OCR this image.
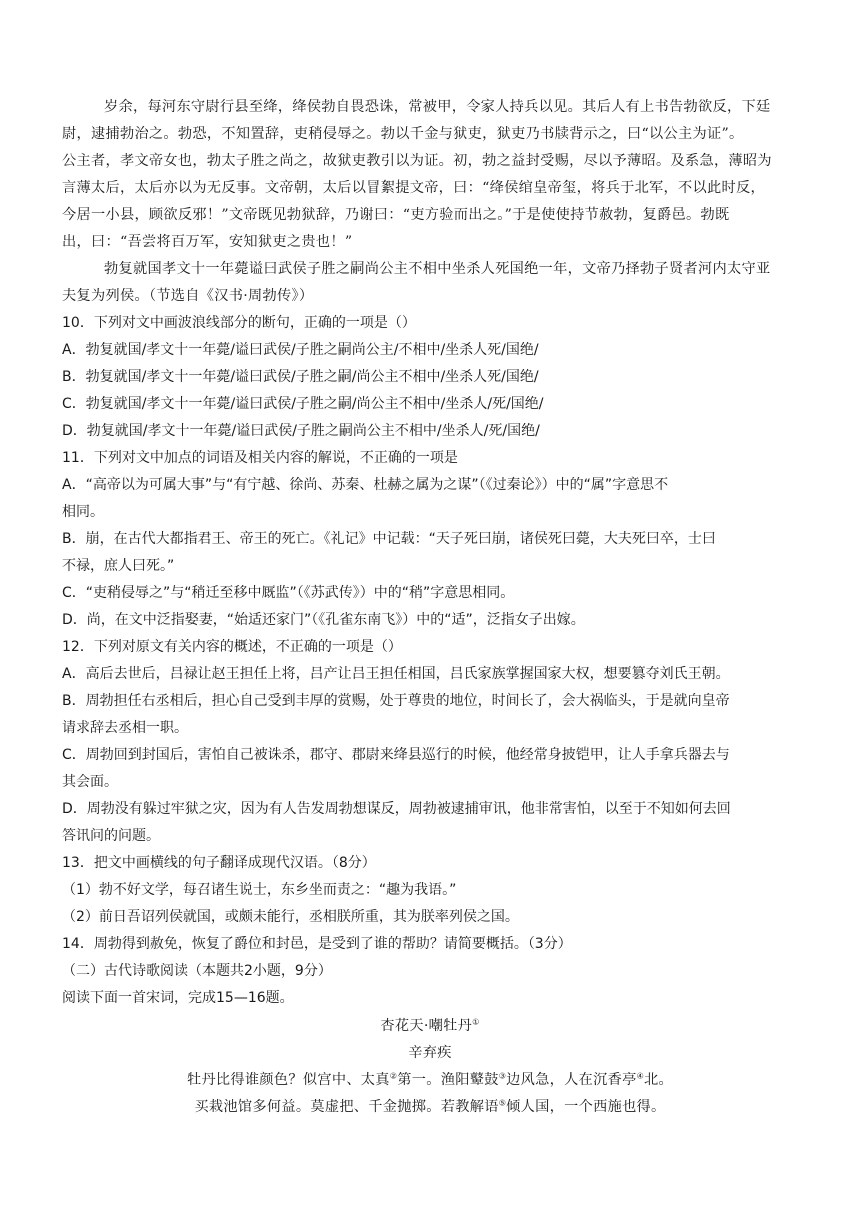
岁余，每河东守尉行县至绛，绛侯勃自畏恐诛，常被甲，令家人持兵以见。其后人有上书告勃欲反，下廷
尉，逮捕勃治之。勃恐，不知置辞，吏稍侵辱之。勃以千金与狱吏，狱吏乃书牍背示之，曰“以公主为证”。
公主者，孝文帝女也，勃太子胜之尚之，故狱吏教引以为证。初，勃之益封受赐，尽以予薄昭。及系急，薄昭为
言薄太后，太后亦以为无反事。文帝朝，太后以冒絮提文帝，曰：“绛侯绾皇帝玺，将兵于北军，不以此时反，
今居一小县，顾欲反邪！”文帝既见勃狱辞，乃谢曰：“吏方验而出之。”于是使使持节赦勃，复爵邑。勃既
出，曰：“吾尝将百万军，安知狱吏之贵也！”
勃复就国孝文十一年薨谥曰武侯子胜之嗣尚公主不相中坐杀人死国绝一年，文帝乃择勃子贤者河内太守亚
夫复为列侯。（节选自《汉书·周勃传》）
10．下列对文中画波浪线部分的断句，正确的一项是（）
A．勃复就国/孝文十一年薨/谥曰武侯/子胜之嗣尚公主/不相中/坐杀人死/国绝/
B．勃复就国/孝文十一年薨/谥曰武侯/子胜之嗣/尚公主不相中/坐杀人死/国绝/
C．勃复就国/孝文十一年薨/谥曰武侯/子胜之嗣/尚公主不相中/坐杀人/死/国绝/
D．勃复就国/孝文十一年薨/谥曰武侯/子胜之嗣尚公主不相中/坐杀人/死/国绝/
11．下列对文中加点的词语及相关内容的解说，不正确的一项是
A．“高帝以为可属大事”与“有宁越、徐尚、苏秦、杜赫之属为之谋”（《过秦论》）中的“属”字意思不
相同。
B．崩，在古代大都指君王、帝王的死亡。《礼记》中记载：“天子死曰崩，诸侯死曰薨，大夫死曰卒，士曰
不禄，庶人曰死。”
C．“吏稍侵辱之”与“稍迁至移中厩监”（《苏武传》）中的“稍”字意思相同。
D．尚，在文中泛指娶妻，“始适还家门”（《孔雀东南飞》）中的“适”，泛指女子出嫁。
12．下列对原文有关内容的概述，不正确的一项是（）
A．高后去世后，吕禄让赵王担任上将，吕产让吕王担任相国，吕氏家族掌握国家大权，想要篡夺刘氏王朝。
B．周勃担任右丞相后，担心自己受到丰厚的赏赐，处于尊贵的地位，时间长了，会大祸临头，于是就向皇帝
请求辞去丞相一职。
C．周勃回到封国后，害怕自己被诛杀，郡守、郡尉来绛县巡行的时候，他经常身披铠甲，让人手拿兵器去与
其会面。
D．周勃没有躲过牢狱之灾，因为有人告发周勃想谋反，周勃被逮捕审讯，他非常害怕，以至于不知如何去回
答讯问的问题。
13．把文中画横线的句子翻译成现代汉语。（8分）
（1）勃不好文学，每召诸生说士，东乡坐而责之：“趣为我语。”
（2）前日吾诏列侯就国，或颇未能行，丞相朕所重，其为朕率列侯之国。
14．周勃得到赦免，恢复了爵位和封邑，是受到了谁的帮助？请简要概括。（3分）
（二）古代诗歌阅读（本题共2小题，9分）
阅读下面一首宋词，完成15—16题。
杏花天·嘲牡丹①
辛弃疾
牡丹比得谁颜色？似宫中、太真②第一。渔阳鼙鼓③边风急，人在沉香亭④北。
买栽池馆多何益。莫虚把、千金抛掷。若教解语⑤倾人国，一个西施也得。
